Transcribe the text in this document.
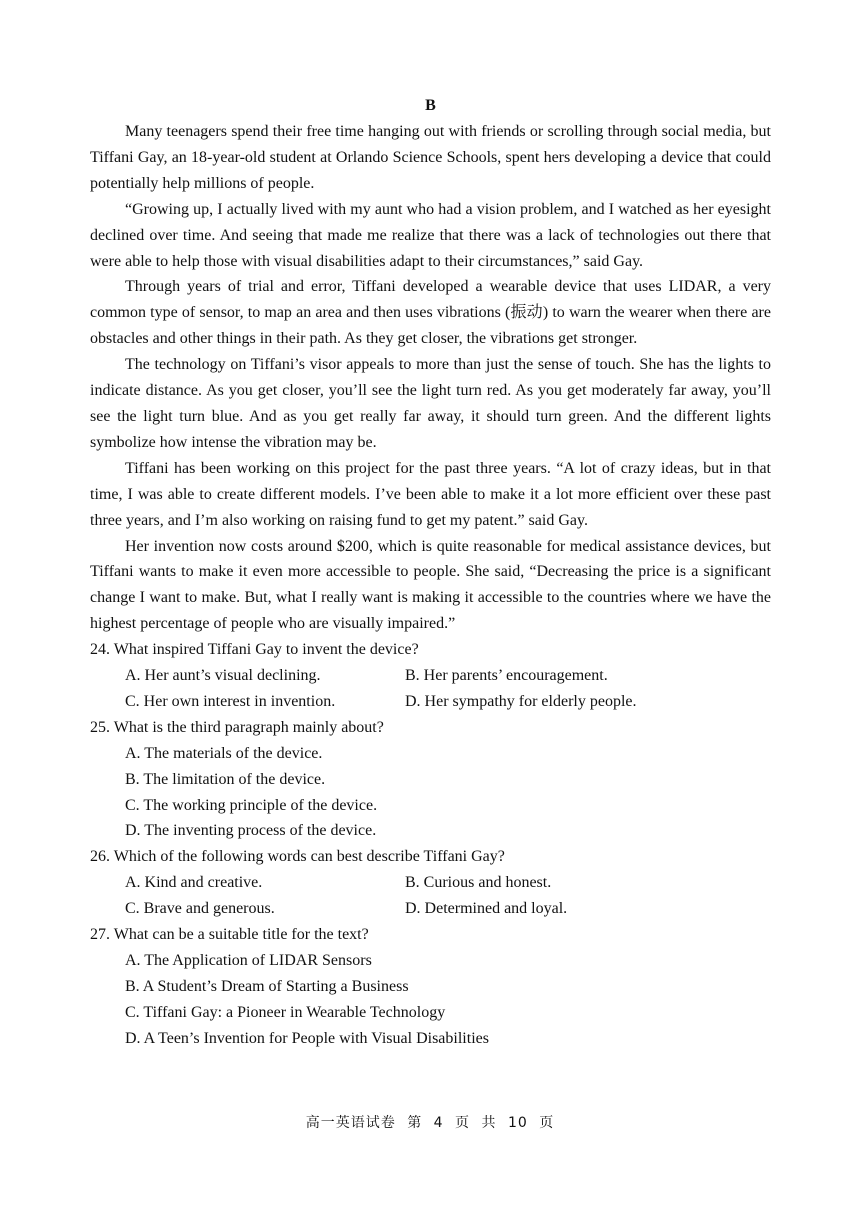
B

Many teenagers spend their free time hanging out with friends or scrolling through social media, but Tiffani Gay, an 18-year-old student at Orlando Science Schools, spent hers developing a device that could potentially help millions of people.

“Growing up, I actually lived with my aunt who had a vision problem, and I watched as her eyesight declined over time. And seeing that made me realize that there was a lack of technologies out there that were able to help those with visual disabilities adapt to their circumstances,” said Gay.

Through years of trial and error, Tiffani developed a wearable device that uses LIDAR, a very common type of sensor, to map an area and then uses vibrations (振动) to warn the wearer when there are obstacles and other things in their path. As they get closer, the vibrations get stronger.

The technology on Tiffani’s visor appeals to more than just the sense of touch. She has the lights to indicate distance. As you get closer, you’ll see the light turn red. As you get moderately far away, you’ll see the light turn blue. And as you get really far away, it should turn green. And the different lights symbolize how intense the vibration may be.

Tiffani has been working on this project for the past three years. “A lot of crazy ideas, but in that time, I was able to create different models. I’ve been able to make it a lot more efficient over these past three years, and I’m also working on raising fund to get my patent.” said Gay.

Her invention now costs around $200, which is quite reasonable for medical assistance devices, but Tiffani wants to make it even more accessible to people. She said, “Decreasing the price is a significant change I want to make. But, what I really want is making it accessible to the countries where we have the highest percentage of people who are visually impaired.”

24. What inspired Tiffani Gay to invent the device?

A. Her aunt’s visual declining.	B. Her parents’ encouragement.
C. Her own interest in invention.	D. Her sympathy for elderly people.

25. What is the third paragraph mainly about?

A. The materials of the device.
B. The limitation of the device.
C. The working principle of the device.
D. The inventing process of the device.

26. Which of the following words can best describe Tiffani Gay?

A. Kind and creative.	B. Curious and honest.
C. Brave and generous.	D. Determined and loyal.

27. What can be a suitable title for the text?

A. The Application of LIDAR Sensors
B. A Student’s Dream of Starting a Business
C. Tiffani Gay: a Pioneer in Wearable Technology
D. A Teen’s Invention for People with Visual Disabilities
高一英语试卷 第 4 页 共 10 页
